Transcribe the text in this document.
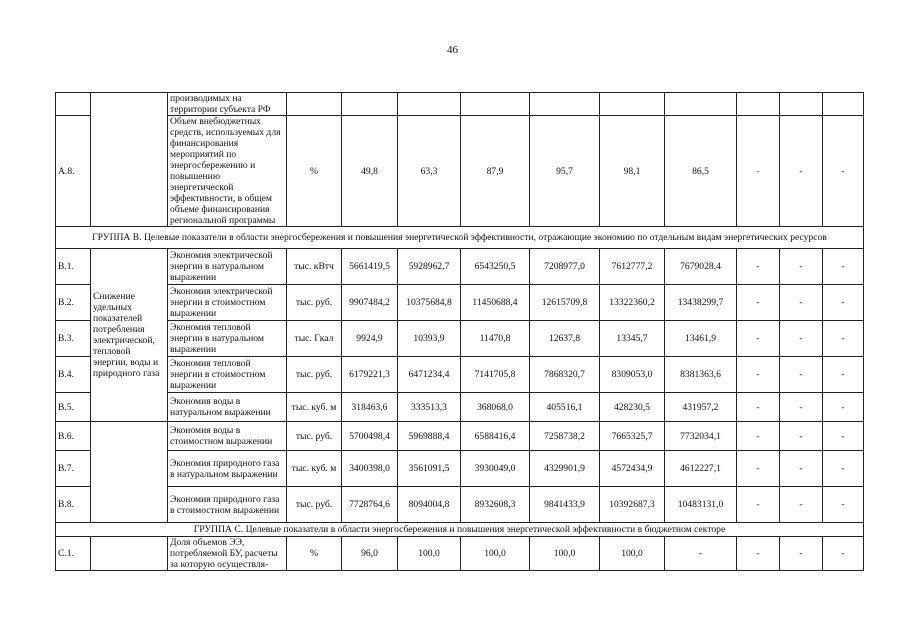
46
		производимых на территории субъекта РФ										
А.8.		Объем внебюджетных средств, используемых для финансирования мероприятий по энергосбережению и повышению энергетической эффективности, в общем объеме финансирования региональной программы	%	49,8	63,3	87,9	95,7	98,1	86,5	-	-	-
ГРУППА В. Целевые показатели в области энергосбережения и повышения энергетической эффективности, отражающие экономию по отдельным видам энергетических ресурсов												
В.1.	Снижение удельных показателей потребления электрической, тепловой энергии, воды и природного газа	Экономия электрической энергии в натуральном выражении	тыс. кВтч	5661419,5	5928962,7	6543250,5	7208977,0	7612777,2	7679028,4	-	-	-
В.2.		Экономия электрической энергии в стоимостном выражении	тыс. руб.	9907484,2	10375684,8	11450688,4	12615709,8	13322360,2	13438299,7	-	-	-
В.3.		Экономия тепловой энергии в натуральном выражении	тыс. Гкал	9924,9	10393,9	11470,8	12637,8	13345,7	13461,9	-	-	-
В.4.		Экономия тепловой энергии в стоимостном выражении	тыс. руб.	6179221,3	6471234,4	7141705,8	7868320,7	8309053,0	8381363,6	-	-	-
В.5.		Экономия воды в натуральном выражении	тыс. куб. м	318463,6	333513,3	368068,0	405516,1	428230,5	431957,2	-	-	-
В.6.		Экономия воды в стоимостном выражении	тыс. руб.	5700498,4	5969888,4	6588416,4	7258738,2	7665325,7	7732034,1	-	-	-
В.7.		Экономия природного газа в натуральном выражении	тыс. куб. м	3400398,0	3561091,5	3930049,0	4329901,9	4572434,9	4612227,1	-	-	-
В.8.		Экономия природного газа в стоимостном выражении	тыс. руб.	7728764,6	8094004,8	8932608,3	9841433,9	10392687,3	10483131,0	-	-	-
ГРУППА С. Целевые показатели в области энергосбережения и повышения энергетической эффективности в бюджетном секторе												
С.1.		Доля объемов ЭЭ, потребляемой БУ, расчеты за которую осуществля-	%	96,0	100,0	100,0	100,0	100,0	-	-	-	-
